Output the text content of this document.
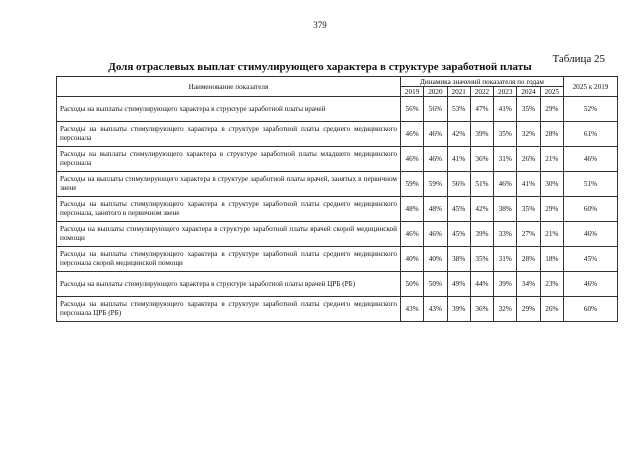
379
Таблица 25
Доля отраслевых выплат стимулирующего характера в структуре заработной платы
Наименование показателя	Динамика значений показателя по годам							2025 к 2019
	2019	2020	2021	2022	2023	2024	2025	
Расходы на выплаты стимулирующего характера в структуре заработной платы врачей	56%	56%	53%	47%	41%	35%	29%	52%
Расходы на выплаты стимулирующего характера в структуре заработной платы среднего медицинского персонала	46%	46%	42%	39%	35%	32%	28%	61%
Расходы на выплаты стимулирующего характера в структуре заработной платы младшего медицинского персонала	46%	46%	41%	36%	31%	26%	21%	46%
Расходы на выплаты стимулирующего характера в структуре заработной платы врачей, занятых в первичном звене	59%	59%	56%	51%	46%	41%	30%	51%
Расходы на выплаты стимулирующего характера в структуре заработной платы среднего медицинского персонала, занятого в первичном звене	48%	48%	45%	42%	38%	35%	29%	60%
Расходы на выплаты стимулирующего характера в структуре заработной платы врачей скорой медицинской помощи	46%	46%	45%	39%	33%	27%	21%	46%
Расходы на выплаты стимулирующего характера в структуре заработной платы среднего медицинского персонала скорой медицинской помощи	40%	40%	38%	35%	31%	28%	18%	45%
Расходы на выплаты стимулирующего характера в структуре заработной платы врачей ЦРБ (РБ)	50%	50%	49%	44%	39%	34%	23%	46%
Расходы на выплаты стимулирующего характера в структуре заработной платы среднего медицинского персонала ЦРБ (РБ)	43%	43%	39%	36%	32%	29%	26%	60%
